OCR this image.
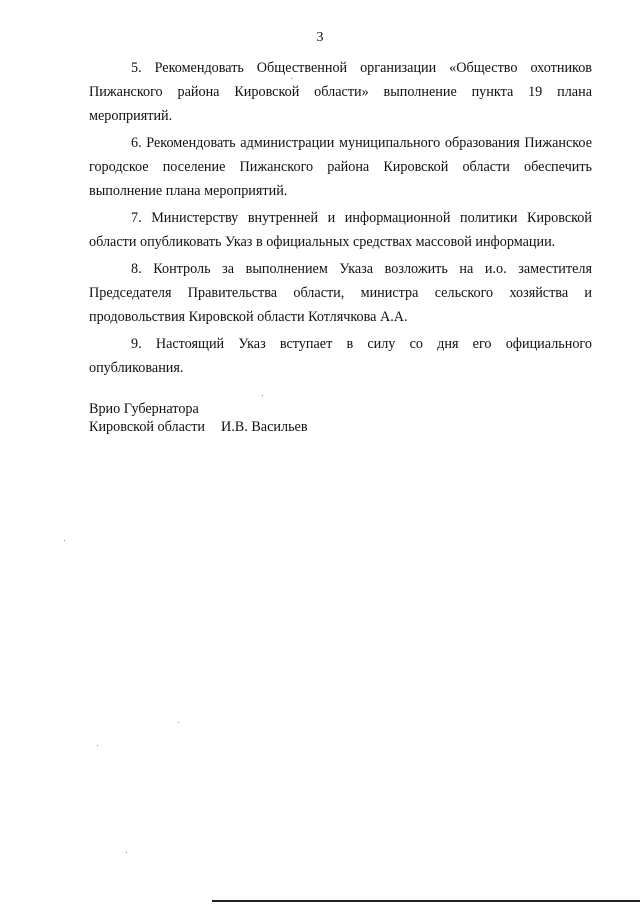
3

5. Рекомендовать Общественной организации «Общество охотников Пижанского района Кировской области» выполнение пункта 19 плана мероприятий.

6. Рекомендовать администрации муниципального образования Пижанское городское поселение Пижанского района Кировской области обеспечить выполнение плана мероприятий.

7. Министерству внутренней и информационной политики Кировской области опубликовать Указ в официальных средствах массовой информации.

8. Контроль за выполнением Указа возложить на и.о. заместителя Председателя Правительства области, министра сельского хозяйства и продовольствия Кировской области Котлячкова А.А.

9. Настоящий Указ вступает в силу со дня его официального опубликования.

Врио Губернатора
Кировской области И.В. Васильев
